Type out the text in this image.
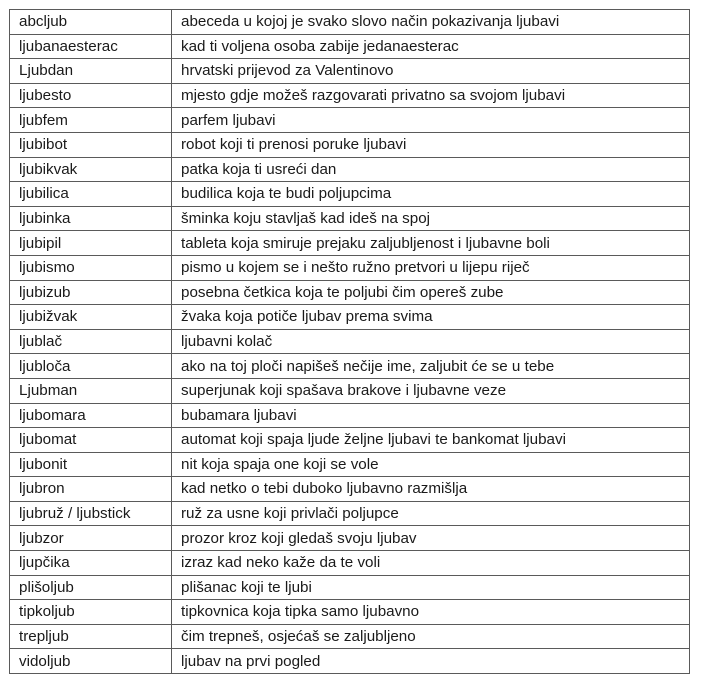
abcljub	abeceda u kojoj je svako slovo način pokazivanja ljubavi
ljubanaesterac	kad ti voljena osoba zabije jedanaesterac
Ljubdan	hrvatski prijevod za Valentinovo
ljubesto	mjesto gdje možeš razgovarati privatno sa svojom ljubavi
ljubfem	parfem ljubavi
ljubibot	robot koji ti prenosi poruke ljubavi
ljubikvak	patka koja ti usreći dan
ljubilica	budilica koja te budi poljupcima
ljubinka	šminka koju stavljaš kad ideš na spoj
ljubipil	tableta koja smiruje prejaku zaljubljenost i ljubavne boli
ljubismo	pismo u kojem se i nešto ružno pretvori u lijepu riječ
ljubizub	posebna četkica koja te poljubi čim opereš zube
ljubižvak	žvaka koja potiče ljubav prema svima
ljublač	ljubavni kolač
ljubloča	ako na toj ploči napišeš nečije ime, zaljubit će se u tebe
Ljubman	superjunak koji spašava brakove i ljubavne veze
ljubomara	bubamara ljubavi
ljubomat	automat koji spaja ljude željne ljubavi te bankomat ljubavi
ljubonit	nit koja spaja one koji se vole
ljubron	kad netko o tebi duboko ljubavno razmišlja
ljubruž / ljubstick	ruž za usne koji privlači poljupce
ljubzor	prozor kroz koji gledaš svoju ljubav
ljupčika	izraz kad neko kaže da te voli
plišoljub	plišanac koji te ljubi
tipkoljub	tipkovnica koja tipka samo ljubavno
trepljub	čim trepneš, osjećaš se zaljubljeno
vidoljub	ljubav na prvi pogled
